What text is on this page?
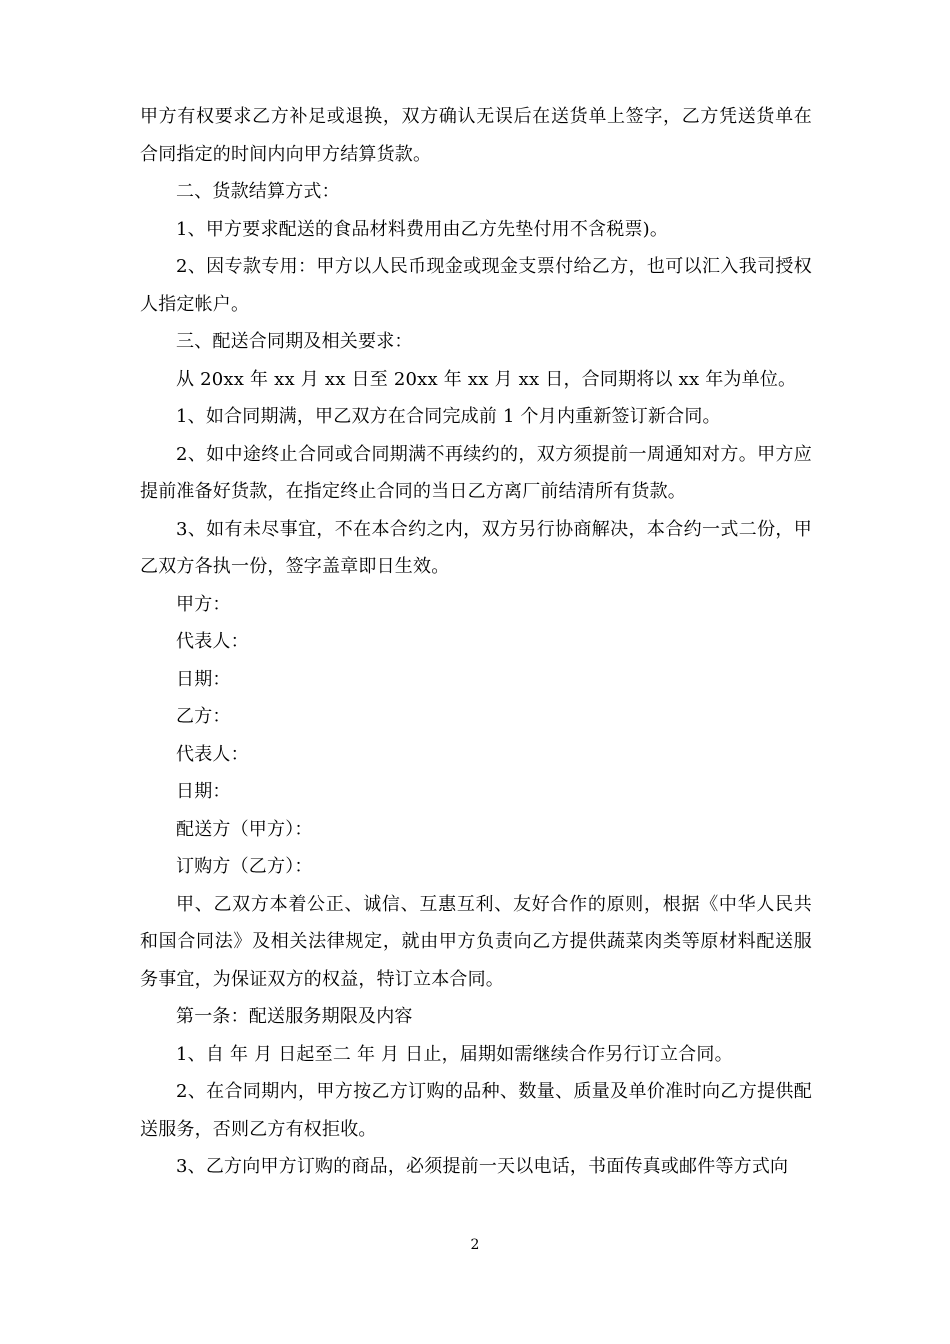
甲方有权要求乙方补足或退换，双方确认无误后在送货单上签字，乙方凭送货单在合同指定的时间内向甲方结算货款。

二、货款结算方式：

1、甲方要求配送的食品材料费用由乙方先垫付用不含税票)。

2、因专款专用：甲方以人民币现金或现金支票付给乙方，也可以汇入我司授权人指定帐户。

三、配送合同期及相关要求：

从 20xx 年 xx 月 xx 日至 20xx 年 xx 月 xx 日，合同期将以 xx 年为单位。

1、如合同期满，甲乙双方在合同完成前 1 个月内重新签订新合同。

2、如中途终止合同或合同期满不再续约的，双方须提前一周通知对方。甲方应提前准备好货款，在指定终止合同的当日乙方离厂前结清所有货款。

3、如有未尽事宜，不在本合约之内，双方另行协商解决，本合约一式二份，甲乙双方各执一份，签字盖章即日生效。

甲方：

代表人：

日期：

乙方：

代表人：

日期：

配送方（甲方）：

订购方（乙方）：

甲、乙双方本着公正、诚信、互惠互利、友好合作的原则，根据《中华人民共和国合同法》及相关法律规定，就由甲方负责向乙方提供蔬菜肉类等原材料配送服务事宜，为保证双方的权益，特订立本合同。

第一条：配送服务期限及内容

1、自 年 月 日起至二 年 月 日止，届期如需继续合作另行订立合同。

2、在合同期内，甲方按乙方订购的品种、数量、质量及单价准时向乙方提供配送服务，否则乙方有权拒收。

3、乙方向甲方订购的商品，必须提前一天以电话，书面传真或邮件等方式向

2
